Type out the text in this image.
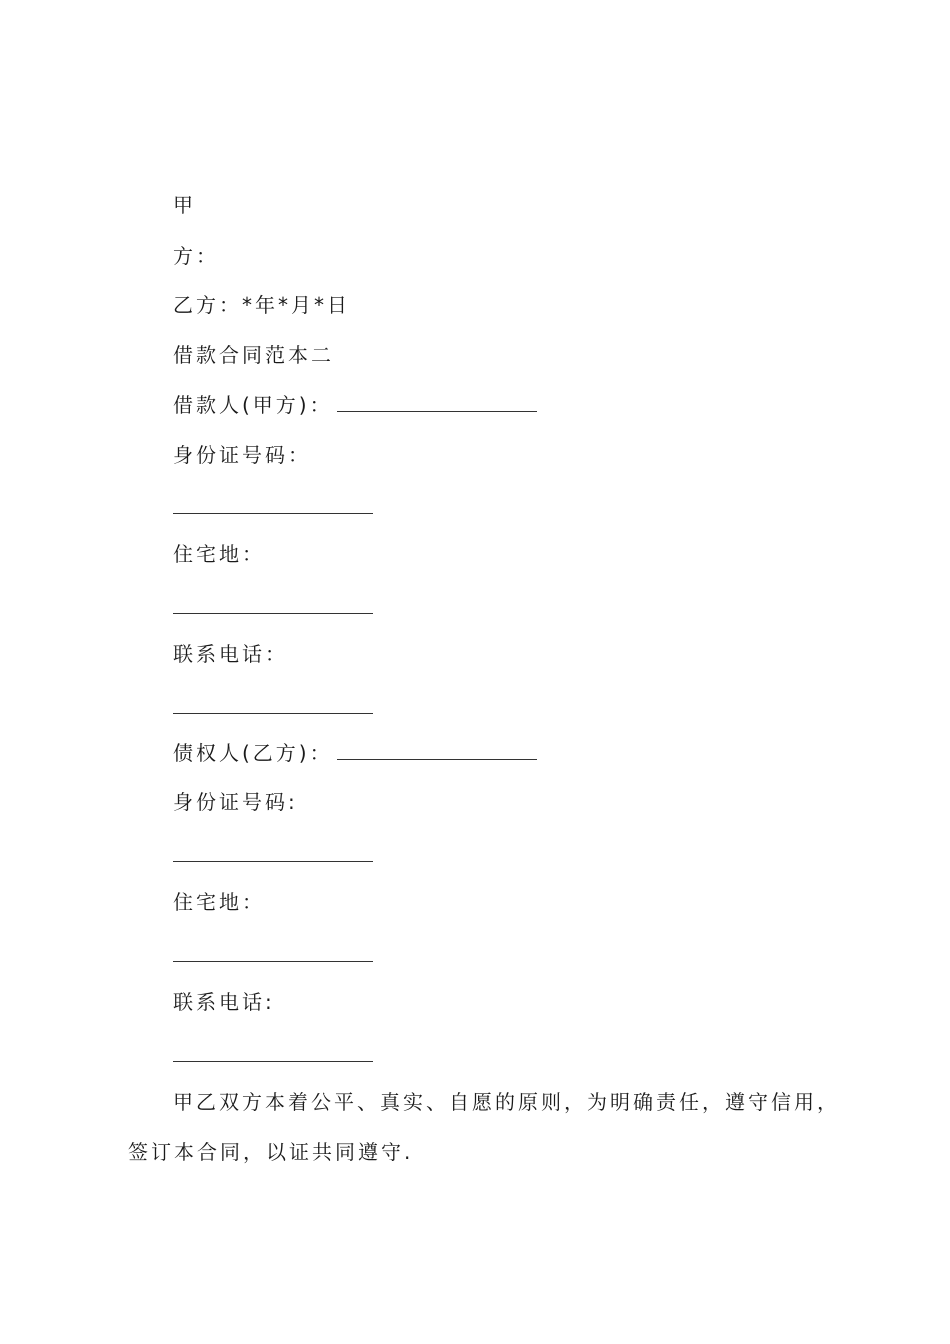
甲
方：
乙方：*年*月*日
借款合同范本二
借款人(甲方)：
身份证号码：
住宅地：
联系电话：
债权人(乙方)：
身份证号码:
住宅地：
联系电话:
甲乙双方本着公平、真实、自愿的原则，为明确责任，遵守信用，
签订本合同，以证共同遵守.
